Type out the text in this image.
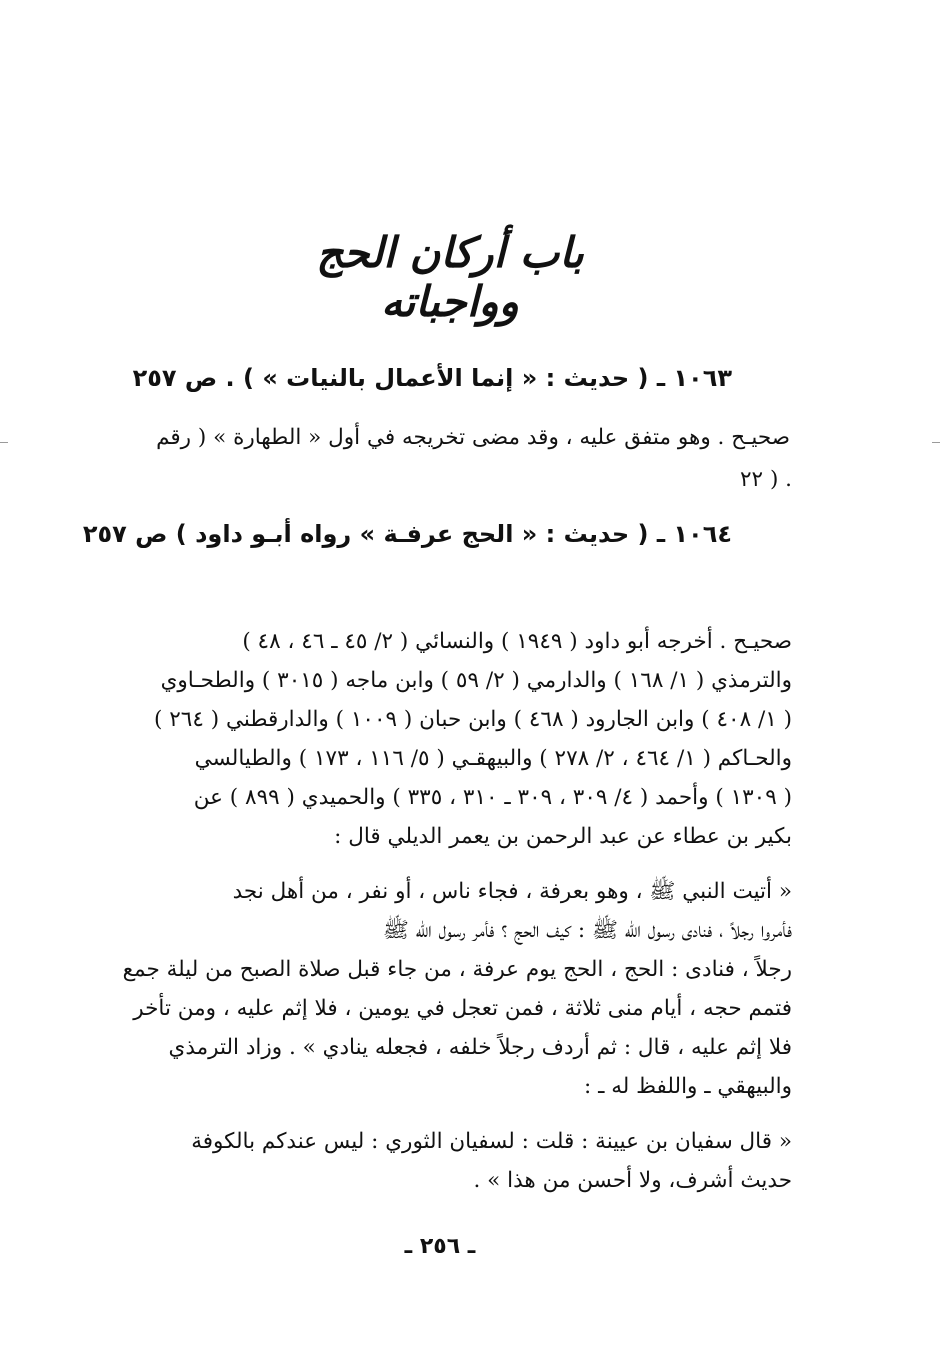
باب أركان الحج وواجباته
١٠٦٣ ـ ( حديث : « إنما الأعمال بالنيات » ) . ص ٢٥٧
صحيـح . وهو متفق عليه ، وقد مضى تخريجه في أول « الطهارة » ( رقم
٢٢ ) .
١٠٦٤ ـ ( حديث : « الحج عرفـة » رواه أبـو داود ) ص ٢٥٧
صحيـح . أخرجه أبو داود ( ١٩٤٩ ) والنسائي ( ٢/ ٤٥ ـ ٤٦ ، ٤٨ )
والترمذي ( ١/ ١٦٨ ) والدارمي ( ٢/ ٥٩ ) وابن ماجه ( ٣٠١٥ ) والطحـاوي
( ١/ ٤٠٨ ) وابن الجارود ( ٤٦٨ ) وابن حبان ( ١٠٠٩ ) والدارقطني ( ٢٦٤ )
والحـاكم ( ١/ ٤٦٤ ، ٢/ ٢٧٨ ) والبيهقـي ( ٥/ ١١٦ ، ١٧٣ ) والطيالسي
( ١٣٠٩ ) وأحمد ( ٤/ ٣٠٩ ، ٣٠٩ ـ ٣١٠ ، ٣٣٥ ) والحميدي ( ٨٩٩ ) عن
بكير بن عطاء عن عبد الرحمن بن يعمر الديلي قال :
« أتيت النبي ﷺ ، وهو بعرفة ، فجاء ناس ، أو نفر ، من أهل نجد
فأمروا رجلاً ، فنادى رسول الله ﷺ : كيف الحج ؟ فأمر رسول الله ﷺ
رجلاً ، فنادى : الحج ، الحج يوم عرفة ، من جاء قبل صلاة الصبح من ليلة جمع
فتمم حجه ، أيام منى ثلاثة ، فمن تعجل في يومين ، فلا إثم عليه ، ومن تأخر
فلا إثم عليه ، قال : ثم أردف رجلاً خلفه ، فجعله ينادي » . وزاد الترمذي
والبيهقي ـ واللفظ له ـ :
« قال سفيان بن عيينة : قلت : لسفيان الثوري : ليس عندكم بالكوفة
حديث أشرف، ولا أحسن من هذا » .
ـ ٢٥٦ ـ
